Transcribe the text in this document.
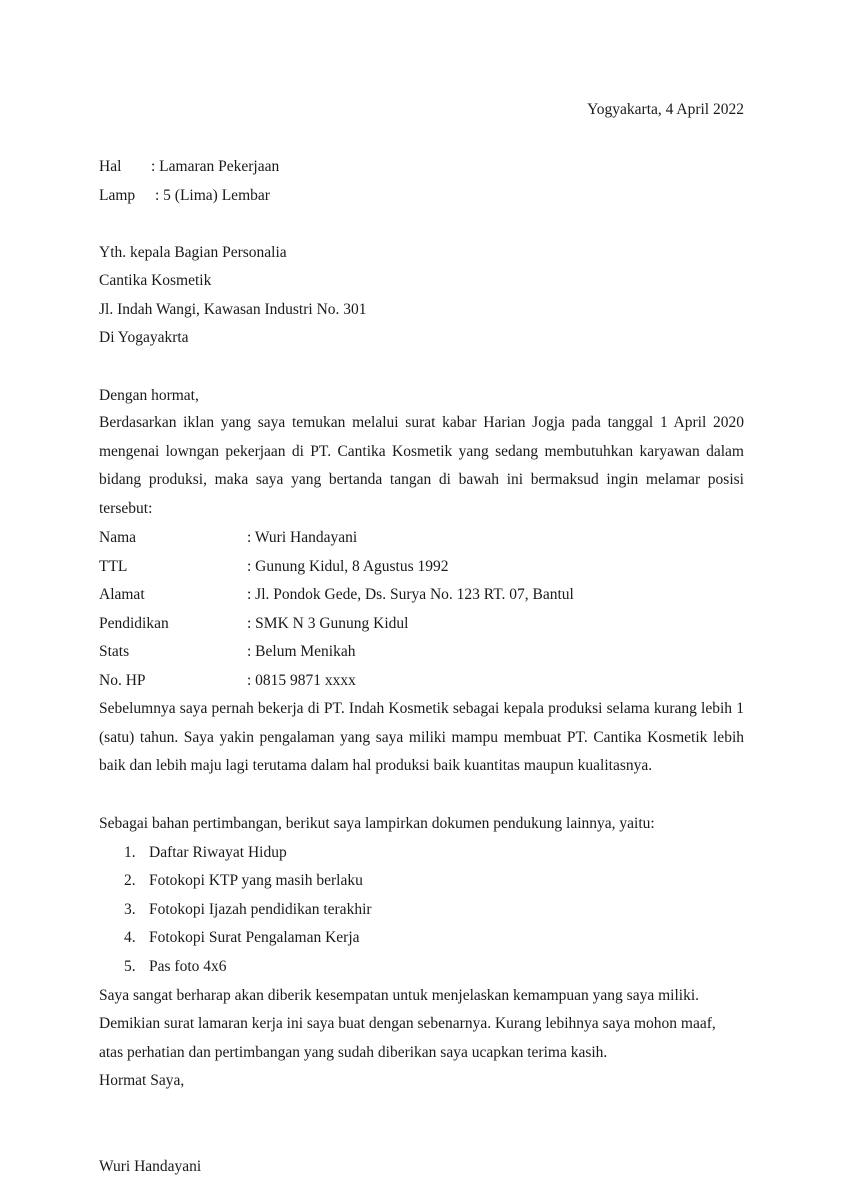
Yogyakarta, 4 April 2022
Hal : Lamaran Pekerjaan
Lamp : 5 (Lima) Lembar
Yth. kepala Bagian Personalia
Cantika Kosmetik
Jl. Indah Wangi, Kawasan Industri No. 301
Di Yogayakrta
Dengan hormat,
Berdasarkan iklan yang saya temukan melalui surat kabar Harian Jogja pada tanggal 1 April 2020 mengenai lowngan pekerjaan di PT. Cantika Kosmetik yang sedang membutuhkan karyawan dalam bidang produksi, maka saya yang bertanda tangan di bawah ini bermaksud ingin melamar posisi tersebut:
Nama	: Wuri Handayani
TTL	: Gunung Kidul, 8 Agustus 1992
Alamat	: Jl. Pondok Gede, Ds. Surya No. 123 RT. 07, Bantul
Pendidikan	: SMK N 3 Gunung Kidul
Stats	: Belum Menikah
No. HP	: 0815 9871 xxxx
Sebelumnya saya pernah bekerja di PT. Indah Kosmetik sebagai kepala produksi selama kurang lebih 1 (satu) tahun. Saya yakin pengalaman yang saya miliki mampu membuat PT. Cantika Kosmetik lebih baik dan lebih maju lagi terutama dalam hal produksi baik kuantitas maupun kualitasnya.
Sebagai bahan pertimbangan, berikut saya lampirkan dokumen pendukung lainnya, yaitu:
1. Daftar Riwayat Hidup
2. Fotokopi KTP yang masih berlaku
3. Fotokopi Ijazah pendidikan terakhir
4. Fotokopi Surat Pengalaman Kerja
5. Pas foto 4x6
Saya sangat berharap akan diberik kesempatan untuk menjelaskan kemampuan yang saya miliki.
Demikian surat lamaran kerja ini saya buat dengan sebenarnya. Kurang lebihnya saya mohon maaf,
atas perhatian dan pertimbangan yang sudah diberikan saya ucapkan terima kasih.
Hormat Saya,
Wuri Handayani
